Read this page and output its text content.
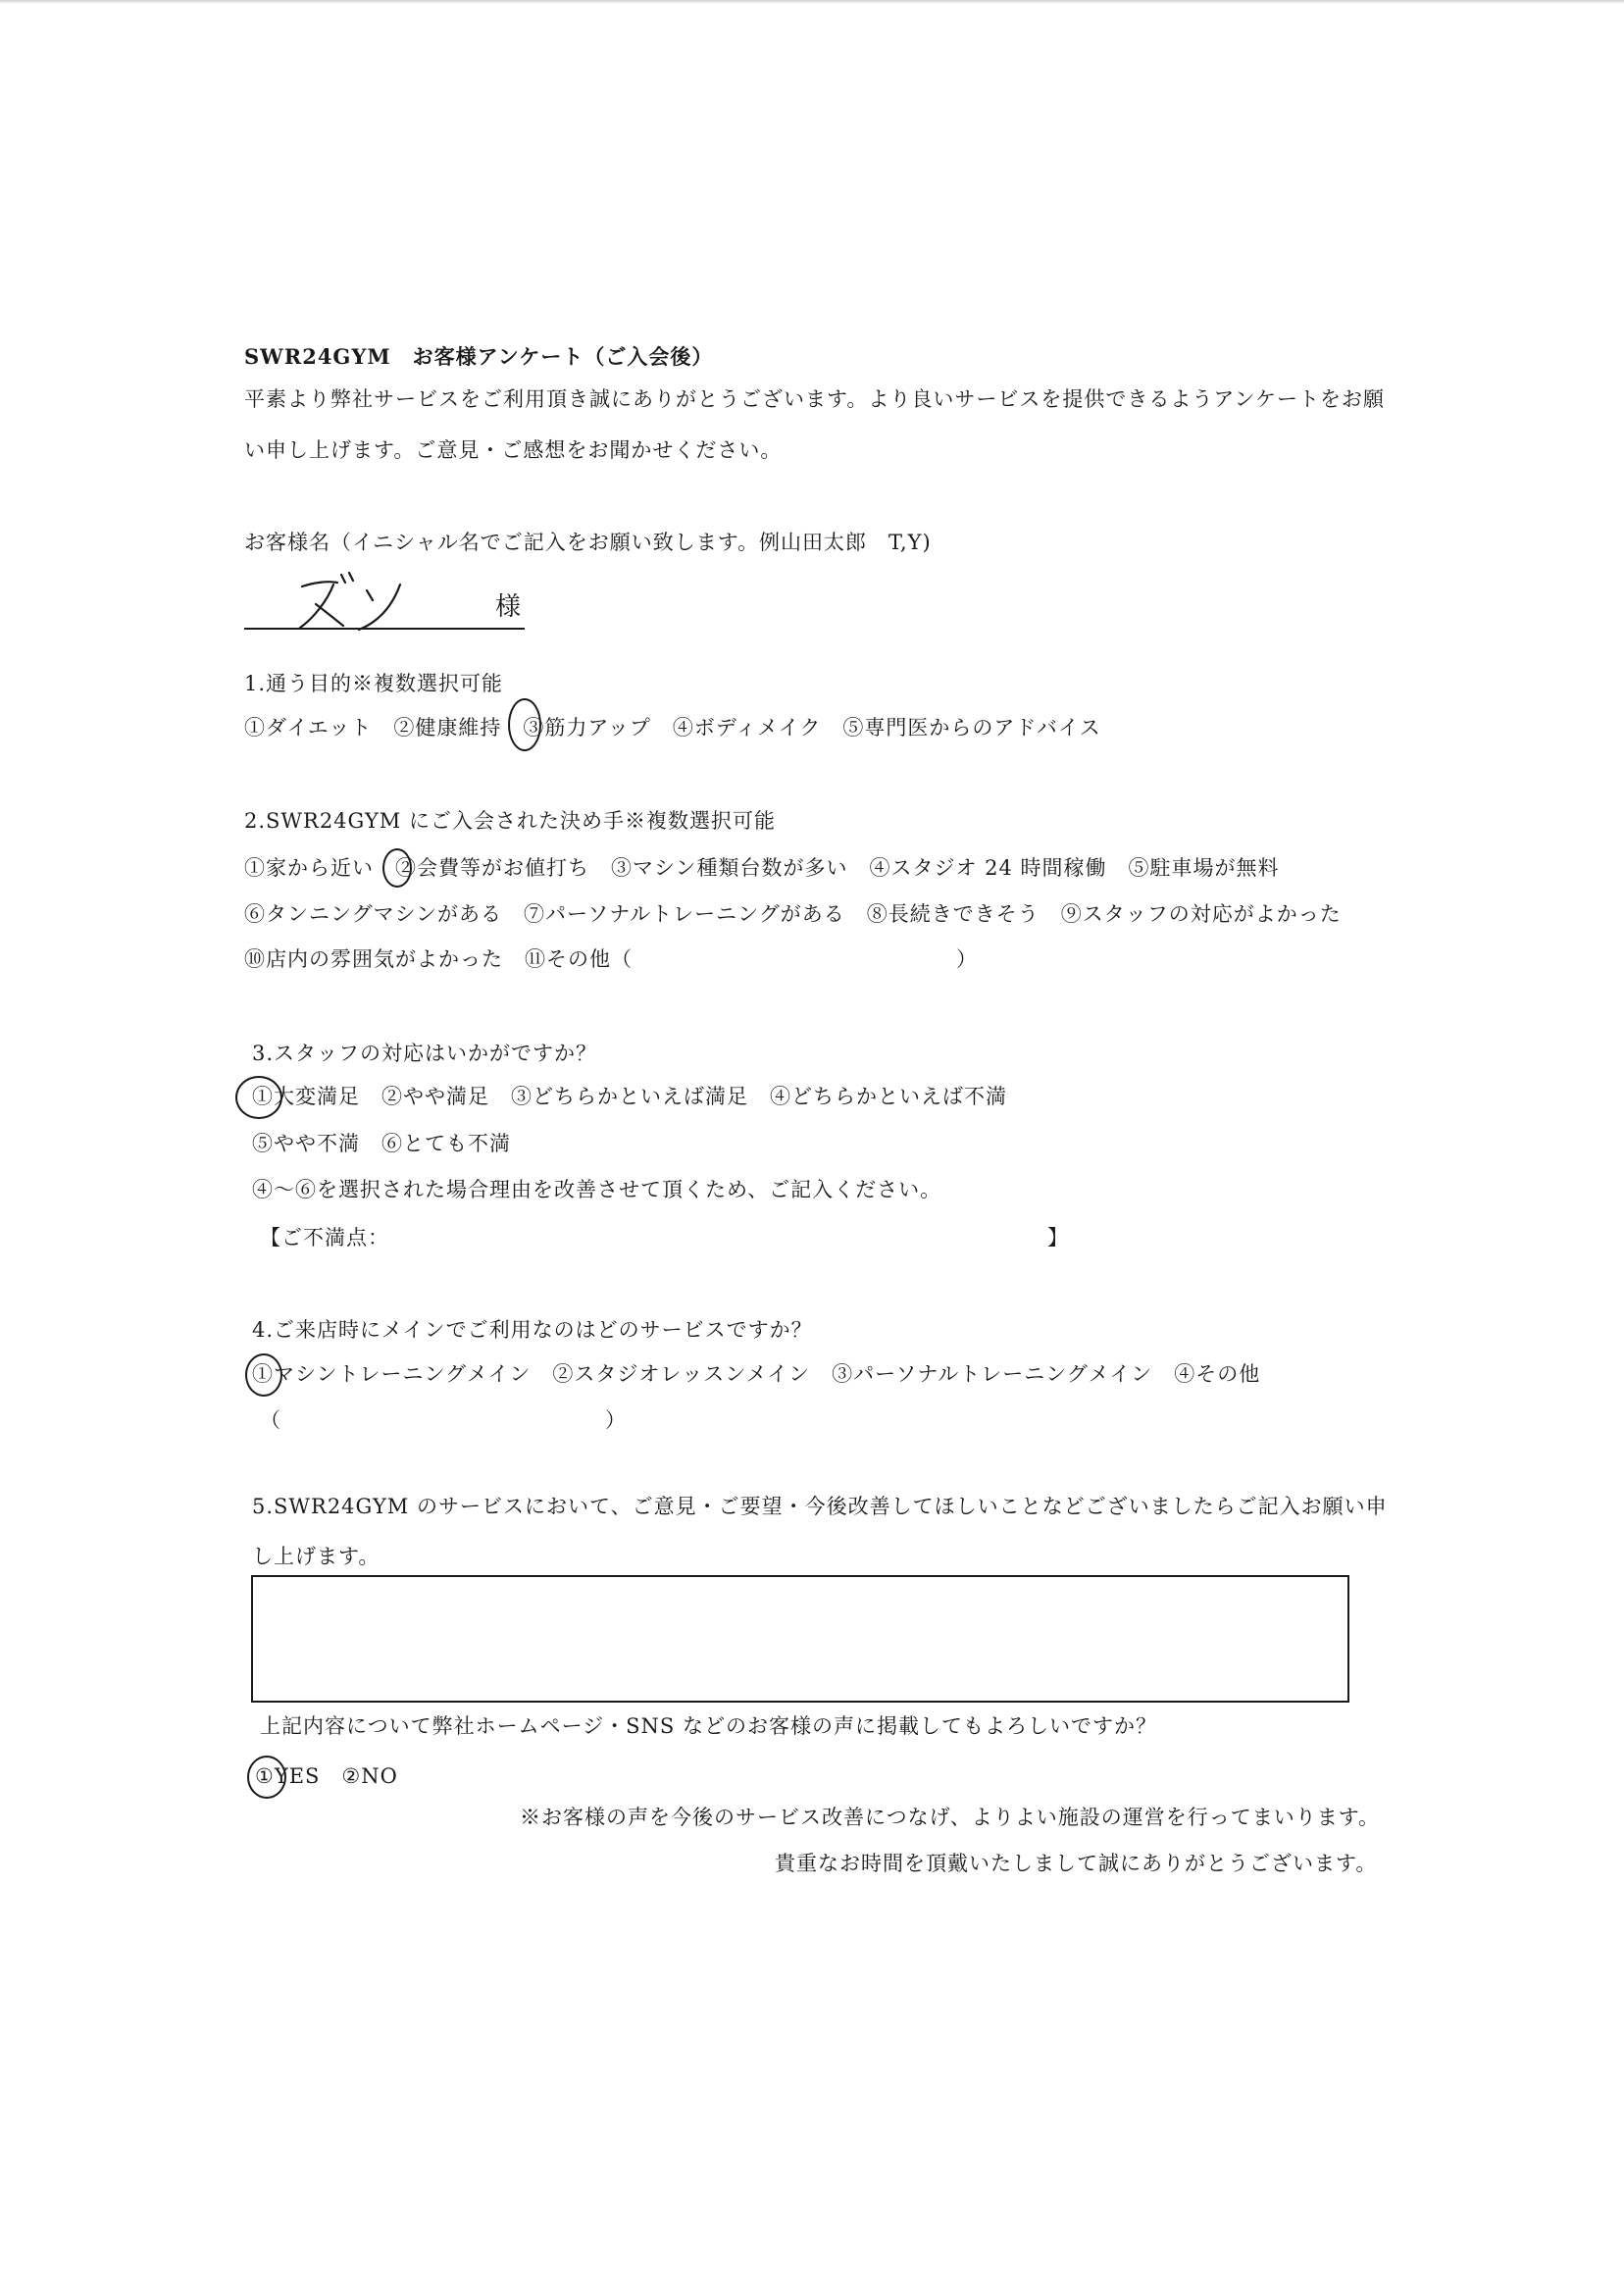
SWR24GYM　お客様アンケート（ご入会後）
平素より弊社サービスをご利用頂き誠にありがとうございます。より良いサービスを提供できるようアンケートをお願
い申し上げます。ご意見・ご感想をお聞かせください。
お客様名（イニシャル名でご記入をお願い致します。例山田太郎　T,Y)
様
1.通う目的※複数選択可能
①ダイエット　②健康維持　③筋力アップ　④ボディメイク　⑤専門医からのアドバイス
2.SWR24GYM にご入会された決め手※複数選択可能
①家から近い　②会費等がお値打ち　③マシン種類台数が多い　④スタジオ 24 時間稼働　⑤駐車場が無料
⑥タンニングマシンがある　⑦パーソナルトレーニングがある　⑧長続きできそう　⑨スタッフの対応がよかった
⑩店内の雰囲気がよかった　⑪その他（　　　　　　　　　　　　　　　）
3.スタッフの対応はいかがですか？
①大変満足　②やや満足　③どちらかといえば満足　④どちらかといえば不満
⑤やや不満　⑥とても不満
④～⑥を選択された場合理由を改善させて頂くため、ご記入ください。
【ご不満点：	】
4.ご来店時にメインでご利用なのはどのサービスですか？
①マシントレーニングメイン　②スタジオレッスンメイン　③パーソナルトレーニングメイン　④その他
（　　　　　　　　　　　　　　　）
5.SWR24GYM のサービスにおいて、ご意見・ご要望・今後改善してほしいことなどございましたらご記入お願い申
し上げます。
上記内容について弊社ホームページ・SNS などのお客様の声に掲載してもよろしいですか？
①YES　②NO
※お客様の声を今後のサービス改善につなげ、よりよい施設の運営を行ってまいります。
貴重なお時間を頂戴いたしまして誠にありがとうございます。
